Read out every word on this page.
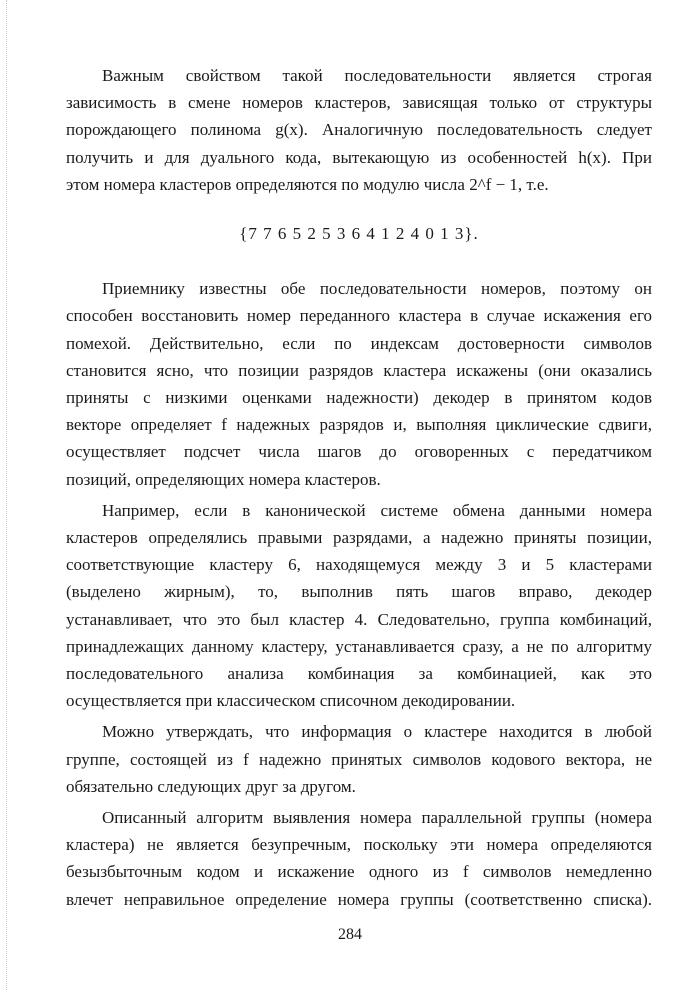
Важным свойством такой последовательности является строгая

зависимость в смене номеров кластеров, зависящая только от структуры

порождающего полинома g(x). Аналогичную последовательность следует

получить и для дуального кода, вытекающую из особенностей h(x). При

этом номера кластеров определяются по модулю числа 2^f − 1, т.е.

{7 7 6 5 2 5 3 6 4 1 2 4 0 1 3}.

Приемнику известны обе последовательности номеров, поэтому он

способен восстановить номер переданного кластера в случае искажения его

помехой. Действительно, если по индексам достоверности символов

становится ясно, что позиции разрядов кластера искажены (они оказались

приняты с низкими оценками надежности) декодер в принятом кодов

векторе определяет f надежных разрядов и, выполняя циклические сдвиги,

осуществляет подсчет числа шагов до оговоренных с передатчиком

позиций, определяющих номера кластеров.

Например, если в канонической системе обмена данными номера

кластеров определялись правыми разрядами, а надежно приняты позиции,

соответствующие кластеру 6, находящемуся между 3 и 5 кластерами

(выделено жирным), то, выполнив пять шагов вправо, декодер

устанавливает, что это был кластер 4. Следовательно, группа комбинаций,

принадлежащих данному кластеру, устанавливается сразу, а не по алгоритму

последовательного анализа комбинация за комбинацией, как это

осуществляется при классическом списочном декодировании.

Можно утверждать, что информация о кластере находится в любой

группе, состоящей из f надежно принятых символов кодового вектора, не

обязательно следующих друг за другом.

Описанный алгоритм выявления номера параллельной группы (номера

кластера) не является безупречным, поскольку эти номера определяются

безызбыточным кодом и искажение одного из f символов немедленно

влечет неправильное определение номера группы (соответственно списка).

284
